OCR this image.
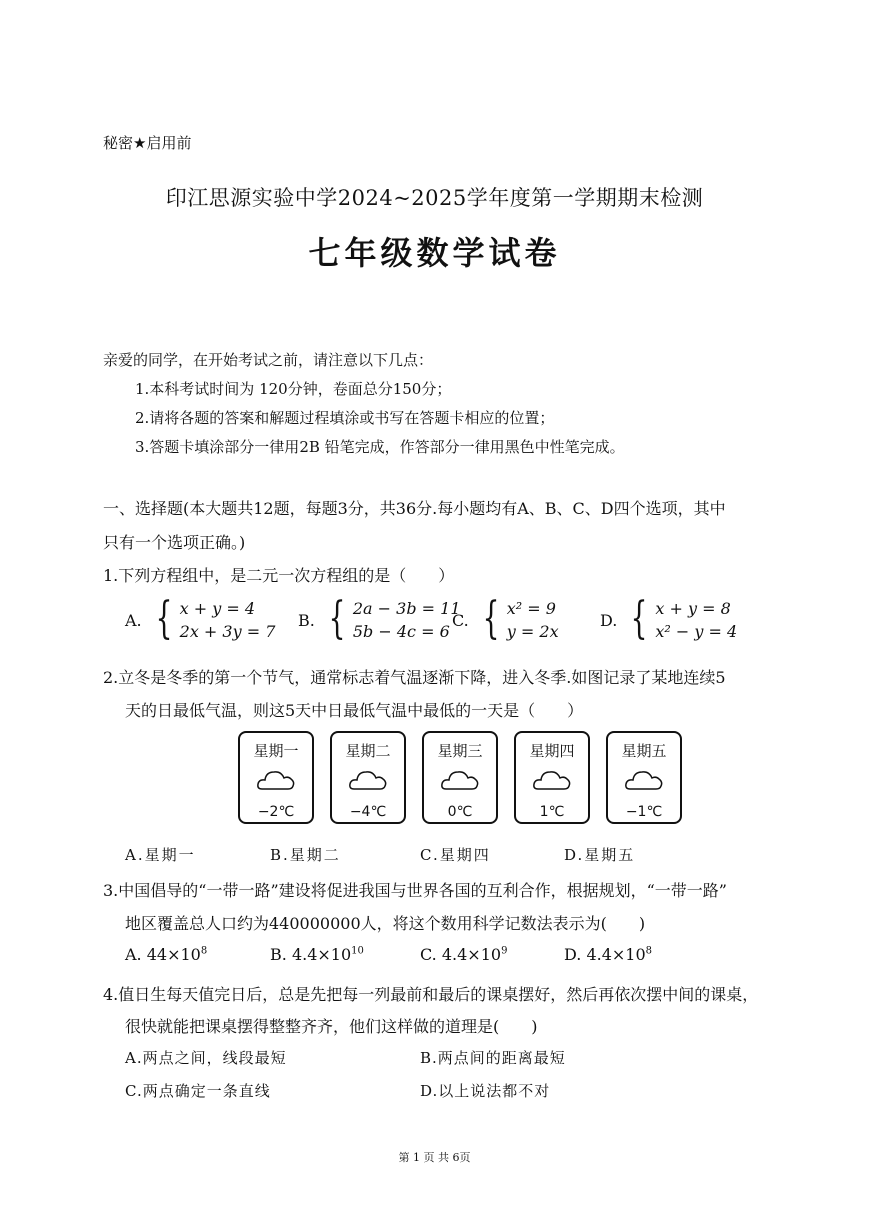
秘密★启用前
印江思源实验中学2024~2025学年度第一学期期末检测
七年级数学试卷
亲爱的同学，在开始考试之前，请注意以下几点：
1.本科考试时间为 120分钟，卷面总分150分；
2.请将各题的答案和解题过程填涂或书写在答题卡相应的位置；
3.答题卡填涂部分一律用2B 铅笔完成，作答部分一律用黑色中性笔完成。
一、选择题(本大题共12题，每题3分，共36分.每小题均有A、B、C、D四个选项，其中
只有一个选项正确。)
1.下列方程组中，是二元一次方程组的是（　　）
A. { x + y = 4
2x + 3y = 7
B. { 2a − 3b = 11
5b − 4c = 6
C. { x² = 9
y = 2x
D. { x + y = 8
x² − y = 4
2.立冬是冬季的第一个节气，通常标志着气温逐渐下降，进入冬季.如图记录了某地连续5
天的日最低气温，则这5天中日最低气温中最低的一天是（　　）
星期一
−2℃
星期二
−4℃
星期三
0℃
星期四
1℃
星期五
−1℃
A.星期一	B.星期二	C.星期四	D.星期五
3.中国倡导的“一带一路”建设将促进我国与世界各国的互利合作，根据规划，“一带一路”
地区覆盖总人口约为440000000人，将这个数用科学记数法表示为(　　)
A. $44\times 10^8$	B. $4.4\times 10^{10}$	C. $4.4\times 10^9$	D. $4.4\times 10^8$
4.值日生每天值完日后，总是先把每一列最前和最后的课桌摆好，然后再依次摆中间的课桌，
很快就能把课桌摆得整整齐齐，他们这样做的道理是(　　)
A.两点之间，线段最短	B.两点间的距离最短
C.两点确定一条直线	D.以上说法都不对
第 1 页 共 6页
